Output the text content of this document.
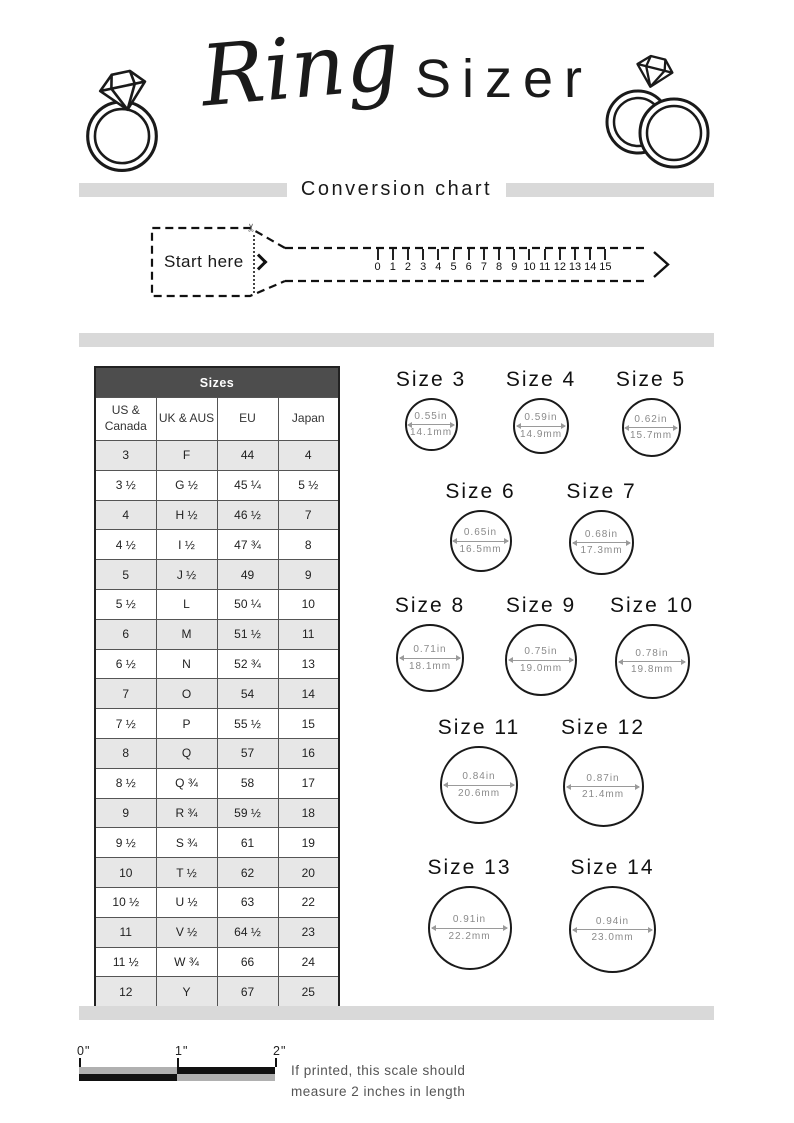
Ring Sizer
Conversion chart
Start here
✂
0 1 2 3 4 5 6 7 8 9 10 11 12 13 14 15
Sizes			
US & Canada	UK & AUS	EU	Japan
3	F	44	4
3 ½	G ½	45 ¼	5 ½
4	H ½	46 ½	7
4 ½	I ½	47 ¾	8
5	J ½	49	9
5 ½	L	50 ¼	10
6	M	51 ½	11
6 ½	N	52 ¾	13
7	O	54	14
7 ½	P	55 ½	15
8	Q	57	16
8 ½	Q ¾	58	17
9	R ¾	59 ½	18
9 ½	S ¾	61	19
10	T ½	62	20
10 ½	U ½	63	22
11	V ½	64 ½	23
11 ½	W ¾	66	24
12	Y	67	25
Size 3
0.55in
14.1mm
Size 4
0.59in
14.9mm
Size 5
0.62in
15.7mm
Size 6
0.65in
16.5mm
Size 7
0.68in
17.3mm
Size 8
0.71in
18.1mm
Size 9
0.75in
19.0mm
Size 10
0.78in
19.8mm
Size 11
0.84in
20.6mm
Size 12
0.87in
21.4mm
Size 13
0.91in
22.2mm
Size 14
0.94in
23.0mm
If printed, this scale should
measure 2 inches in length
0"	1"	2"
